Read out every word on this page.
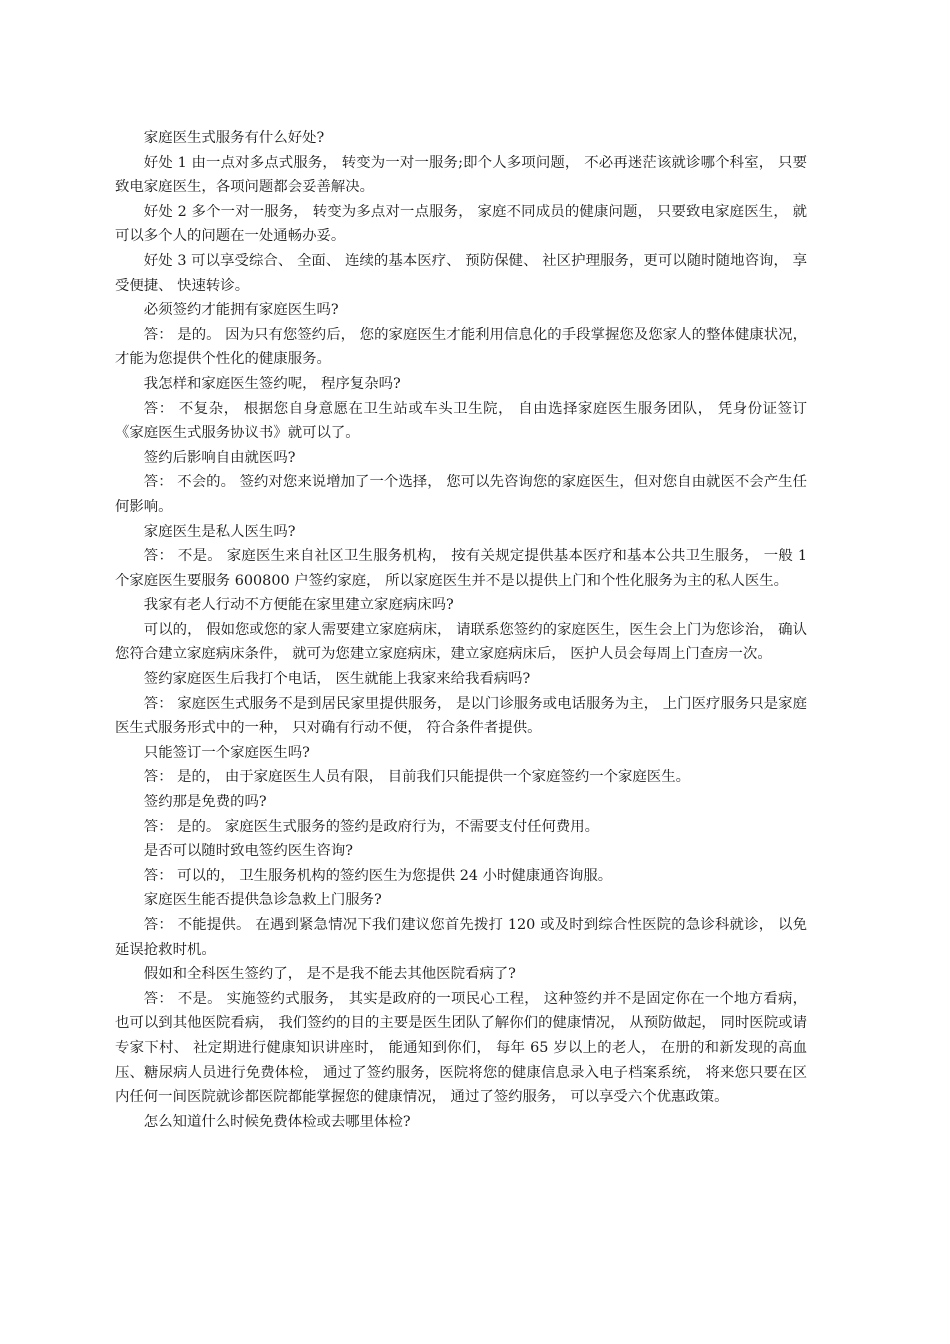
家庭医生式服务有什么好处?

好处 1 由一点对多点式服务， 转变为一对一服务;即个人多项问题， 不必再迷茫该就诊哪个科室， 只要致电家庭医生，各项问题都会妥善解决。

好处 2 多个一对一服务， 转变为多点对一点服务， 家庭不同成员的健康问题， 只要致电家庭医生， 就可以多个人的问题在一处通畅办妥。

好处 3 可以享受综合、 全面、 连续的基本医疗、 预防保健、 社区护理服务，更可以随时随地咨询， 享受便捷、 快速转诊。

必须签约才能拥有家庭医生吗?

答： 是的。 因为只有您签约后， 您的家庭医生才能利用信息化的手段掌握您及您家人的整体健康状况， 才能为您提供个性化的健康服务。

我怎样和家庭医生签约呢， 程序复杂吗?

答： 不复杂， 根据您自身意愿在卫生站或车头卫生院， 自由选择家庭医生服务团队， 凭身份证签订《家庭医生式服务协议书》就可以了。

签约后影响自由就医吗?

答： 不会的。 签约对您来说增加了一个选择， 您可以先咨询您的家庭医生，但对您自由就医不会产生任何影响。

家庭医生是私人医生吗?

答： 不是。 家庭医生来自社区卫生服务机构， 按有关规定提供基本医疗和基本公共卫生服务， 一般 1 个家庭医生要服务 600800 户签约家庭， 所以家庭医生并不是以提供上门和个性化服务为主的私人医生。

我家有老人行动不方便能在家里建立家庭病床吗?

可以的， 假如您或您的家人需要建立家庭病床， 请联系您签约的家庭医生，医生会上门为您诊治， 确认您符合建立家庭病床条件， 就可为您建立家庭病床，建立家庭病床后， 医护人员会每周上门查房一次。

签约家庭医生后我打个电话， 医生就能上我家来给我看病吗?

答： 家庭医生式服务不是到居民家里提供服务， 是以门诊服务或电话服务为主， 上门医疗服务只是家庭医生式服务形式中的一种， 只对确有行动不便， 符合条件者提供。

只能签订一个家庭医生吗?

答： 是的， 由于家庭医生人员有限， 目前我们只能提供一个家庭签约一个家庭医生。

签约那是免费的吗?

答： 是的。 家庭医生式服务的签约是政府行为，不需要支付任何费用。

是否可以随时致电签约医生咨询?

答： 可以的， 卫生服务机构的签约医生为您提供 24 小时健康通咨询服。

家庭医生能否提供急诊急救上门服务?

答： 不能提供。 在遇到紧急情况下我们建议您首先拨打 120 或及时到综合性医院的急诊科就诊， 以免延误抢救时机。

假如和全科医生签约了， 是不是我不能去其他医院看病了?

答： 不是。 实施签约式服务， 其实是政府的一项民心工程， 这种签约并不是固定你在一个地方看病， 也可以到其他医院看病， 我们签约的目的主要是医生团队了解你们的健康情况， 从预防做起， 同时医院或请专家下村、 社定期进行健康知识讲座时， 能通知到你们， 每年 65 岁以上的老人， 在册的和新发现的高血压、糖尿病人员进行免费体检， 通过了签约服务，医院将您的健康信息录入电子档案系统， 将来您只要在区内任何一间医院就诊都医院都能掌握您的健康情况， 通过了签约服务， 可以享受六个优惠政策。

怎么知道什么时候免费体检或去哪里体检?
